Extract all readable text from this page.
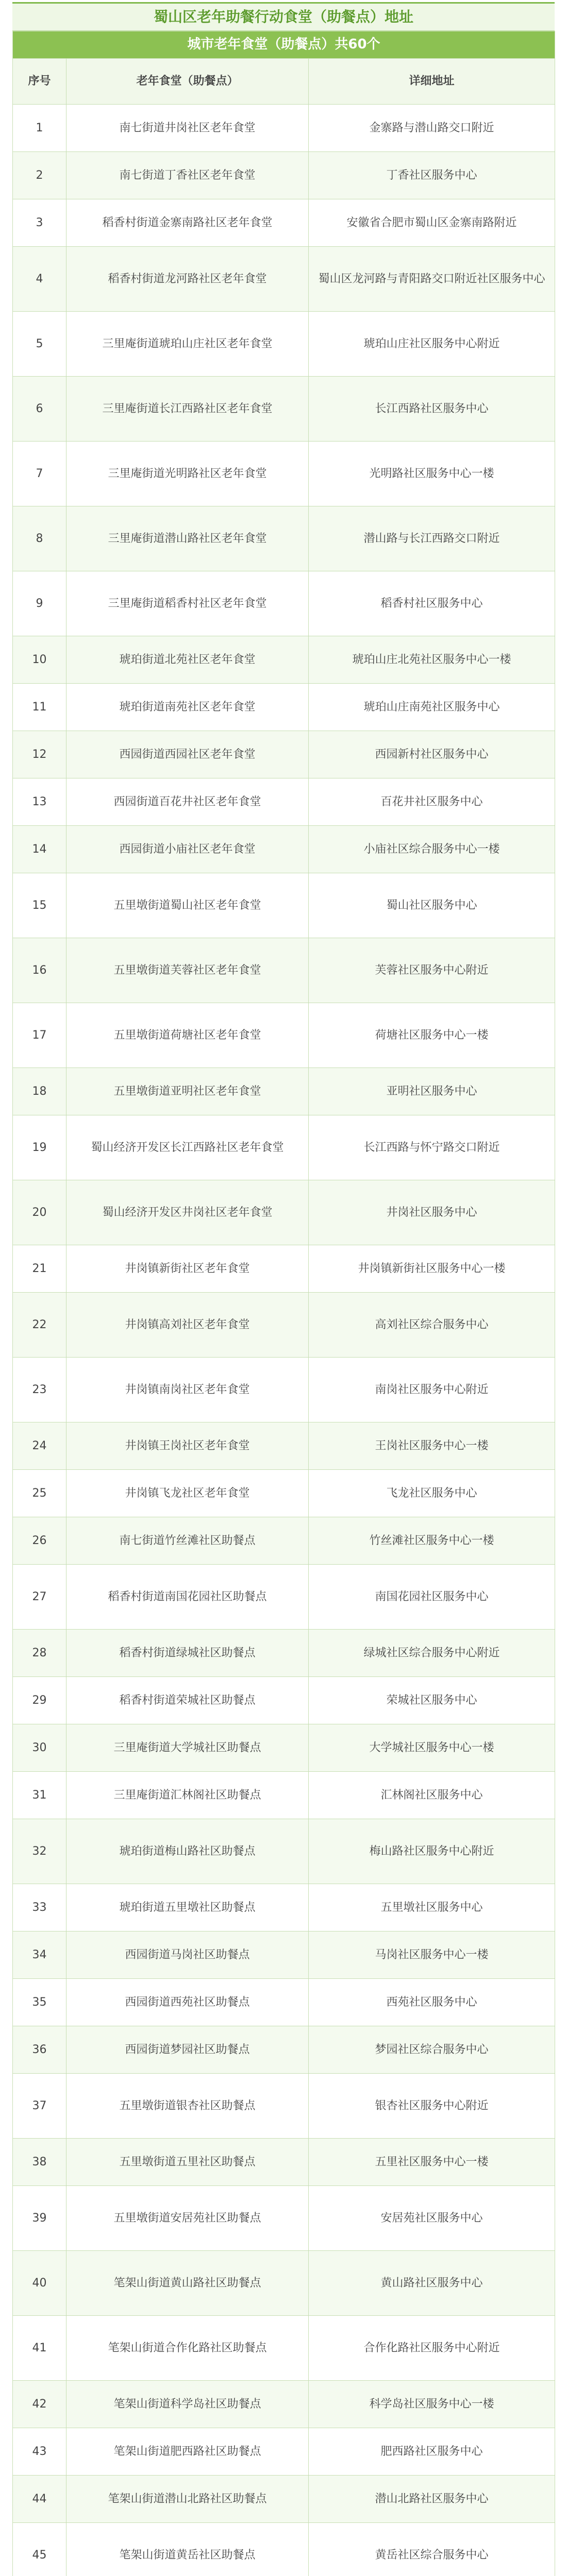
蜀山区老年助餐行动食堂（助餐点）地址
城市老年食堂（助餐点）共60个		
序号	老年食堂（助餐点）	详细地址
1	南七街道井岗社区老年食堂	金寨路与潜山路交口附近
2	南七街道丁香社区老年食堂	丁香社区服务中心
3	稻香村街道金寨南路社区老年食堂	安徽省合肥市蜀山区金寨南路附近
4	稻香村街道龙河路社区老年食堂	蜀山区龙河路与青阳路交口附近社区服务中心
5	三里庵街道琥珀山庄社区老年食堂	琥珀山庄社区服务中心附近
6	三里庵街道长江西路社区老年食堂	长江西路社区服务中心
7	三里庵街道光明路社区老年食堂	光明路社区服务中心一楼
8	三里庵街道潜山路社区老年食堂	潜山路与长江西路交口附近
9	三里庵街道稻香村社区老年食堂	稻香村社区服务中心
10	琥珀街道北苑社区老年食堂	琥珀山庄北苑社区服务中心一楼
11	琥珀街道南苑社区老年食堂	琥珀山庄南苑社区服务中心
12	西园街道西园社区老年食堂	西园新村社区服务中心
13	西园街道百花井社区老年食堂	百花井社区服务中心
14	西园街道小庙社区老年食堂	小庙社区综合服务中心一楼
15	五里墩街道蜀山社区老年食堂	蜀山社区服务中心
16	五里墩街道芙蓉社区老年食堂	芙蓉社区服务中心附近
17	五里墩街道荷塘社区老年食堂	荷塘社区服务中心一楼
18	五里墩街道亚明社区老年食堂	亚明社区服务中心
19	蜀山经济开发区长江西路社区老年食堂	长江西路与怀宁路交口附近
20	蜀山经济开发区井岗社区老年食堂	井岗社区服务中心
21	井岗镇新街社区老年食堂	井岗镇新街社区服务中心一楼
22	井岗镇高刘社区老年食堂	高刘社区综合服务中心
23	井岗镇南岗社区老年食堂	南岗社区服务中心附近
24	井岗镇王岗社区老年食堂	王岗社区服务中心一楼
25	井岗镇飞龙社区老年食堂	飞龙社区服务中心
26	南七街道竹丝滩社区助餐点	竹丝滩社区服务中心一楼
27	稻香村街道南国花园社区助餐点	南国花园社区服务中心
28	稻香村街道绿城社区助餐点	绿城社区综合服务中心附近
29	稻香村街道荣城社区助餐点	荣城社区服务中心
30	三里庵街道大学城社区助餐点	大学城社区服务中心一楼
31	三里庵街道汇林阁社区助餐点	汇林阁社区服务中心
32	琥珀街道梅山路社区助餐点	梅山路社区服务中心附近
33	琥珀街道五里墩社区助餐点	五里墩社区服务中心
34	西园街道马岗社区助餐点	马岗社区服务中心一楼
35	西园街道西苑社区助餐点	西苑社区服务中心
36	西园街道梦园社区助餐点	梦园社区综合服务中心
37	五里墩街道银杏社区助餐点	银杏社区服务中心附近
38	五里墩街道五里社区助餐点	五里社区服务中心一楼
39	五里墩街道安居苑社区助餐点	安居苑社区服务中心
40	笔架山街道黄山路社区助餐点	黄山路社区服务中心
41	笔架山街道合作化路社区助餐点	合作化路社区服务中心附近
42	笔架山街道科学岛社区助餐点	科学岛社区服务中心一楼
43	笔架山街道肥西路社区助餐点	肥西路社区服务中心
44	笔架山街道潜山北路社区助餐点	潜山北路社区服务中心
45	笔架山街道黄岳社区助餐点	黄岳社区综合服务中心
